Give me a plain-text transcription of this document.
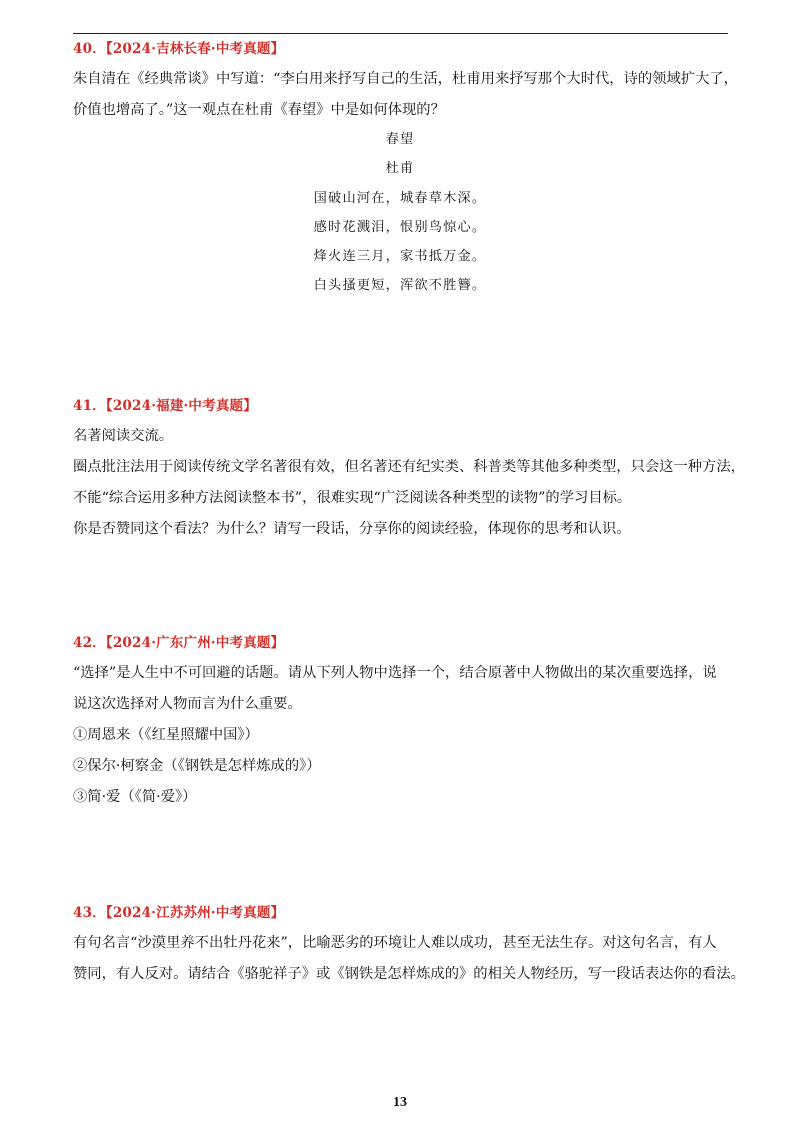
40．【2024·吉林长春·中考真题】

朱自清在《经典常谈》中写道：“李白用来抒写自己的生活，杜甫用来抒写那个大时代，诗的领域扩大了，

价值也增高了。”这一观点在杜甫《春望》中是如何体现的？

春望

杜甫

国破山河在，城春草木深。

感时花溅泪，恨别鸟惊心。

烽火连三月，家书抵万金。

白头搔更短，浑欲不胜簪。

41．【2024·福建·中考真题】

名著阅读交流。

圈点批注法用于阅读传统文学名著很有效，但名著还有纪实类、科普类等其他多种类型，只会这一种方法，

不能“综合运用多种方法阅读整本书”，很难实现“广泛阅读各种类型的读物”的学习目标。

你是否赞同这个看法？为什么？请写一段话，分享你的阅读经验，体现你的思考和认识。

42．【2024·广东广州·中考真题】

“选择”是人生中不可回避的话题。请从下列人物中选择一个，结合原著中人物做出的某次重要选择，说

说这次选择对人物而言为什么重要。

①周恩来（《红星照耀中国》）

②保尔·柯察金（《钢铁是怎样炼成的》）

③简·爱（《简·爱》）

43．【2024·江苏苏州·中考真题】

有句名言“沙漠里养不出牡丹花来”，比喻恶劣的环境让人难以成功，甚至无法生存。对这句名言，有人

赞同，有人反对。请结合《骆驼祥子》或《钢铁是怎样炼成的》的相关人物经历，写一段话表达你的看法。

13
